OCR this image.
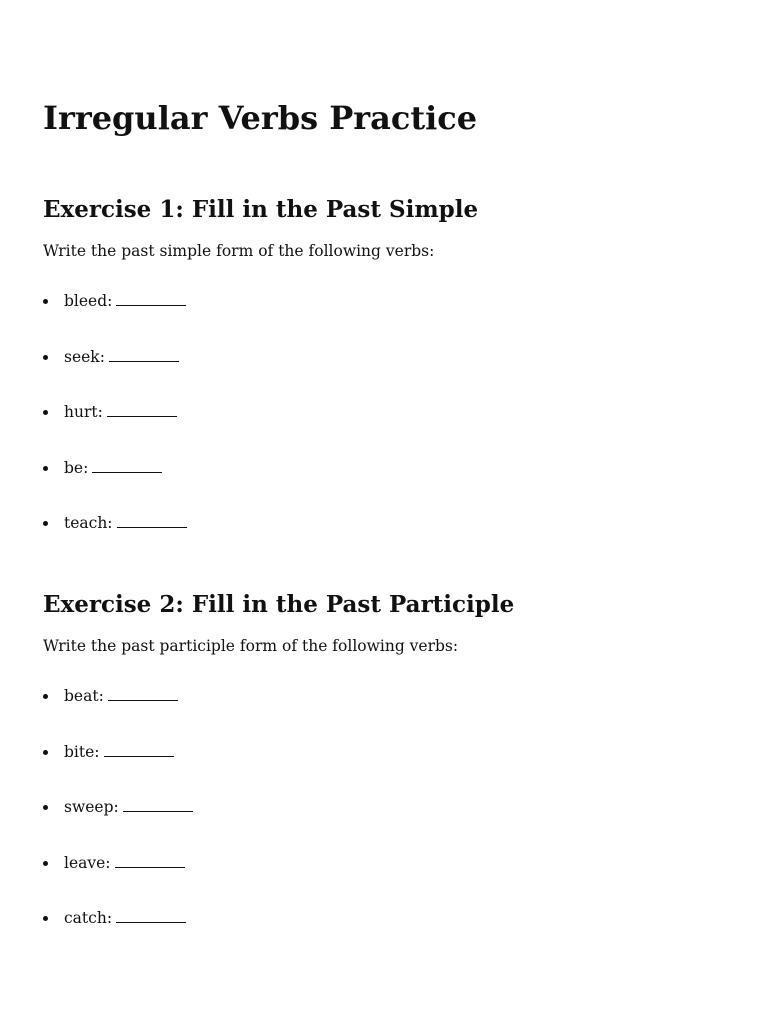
Irregular Verbs Practice
Exercise 1: Fill in the Past Simple

Write the past simple form of the following verbs:

bleed:
seek:
hurt:
be:
teach:
Exercise 2: Fill in the Past Participle

Write the past participle form of the following verbs:

beat:
bite:
sweep:
leave:
catch:
